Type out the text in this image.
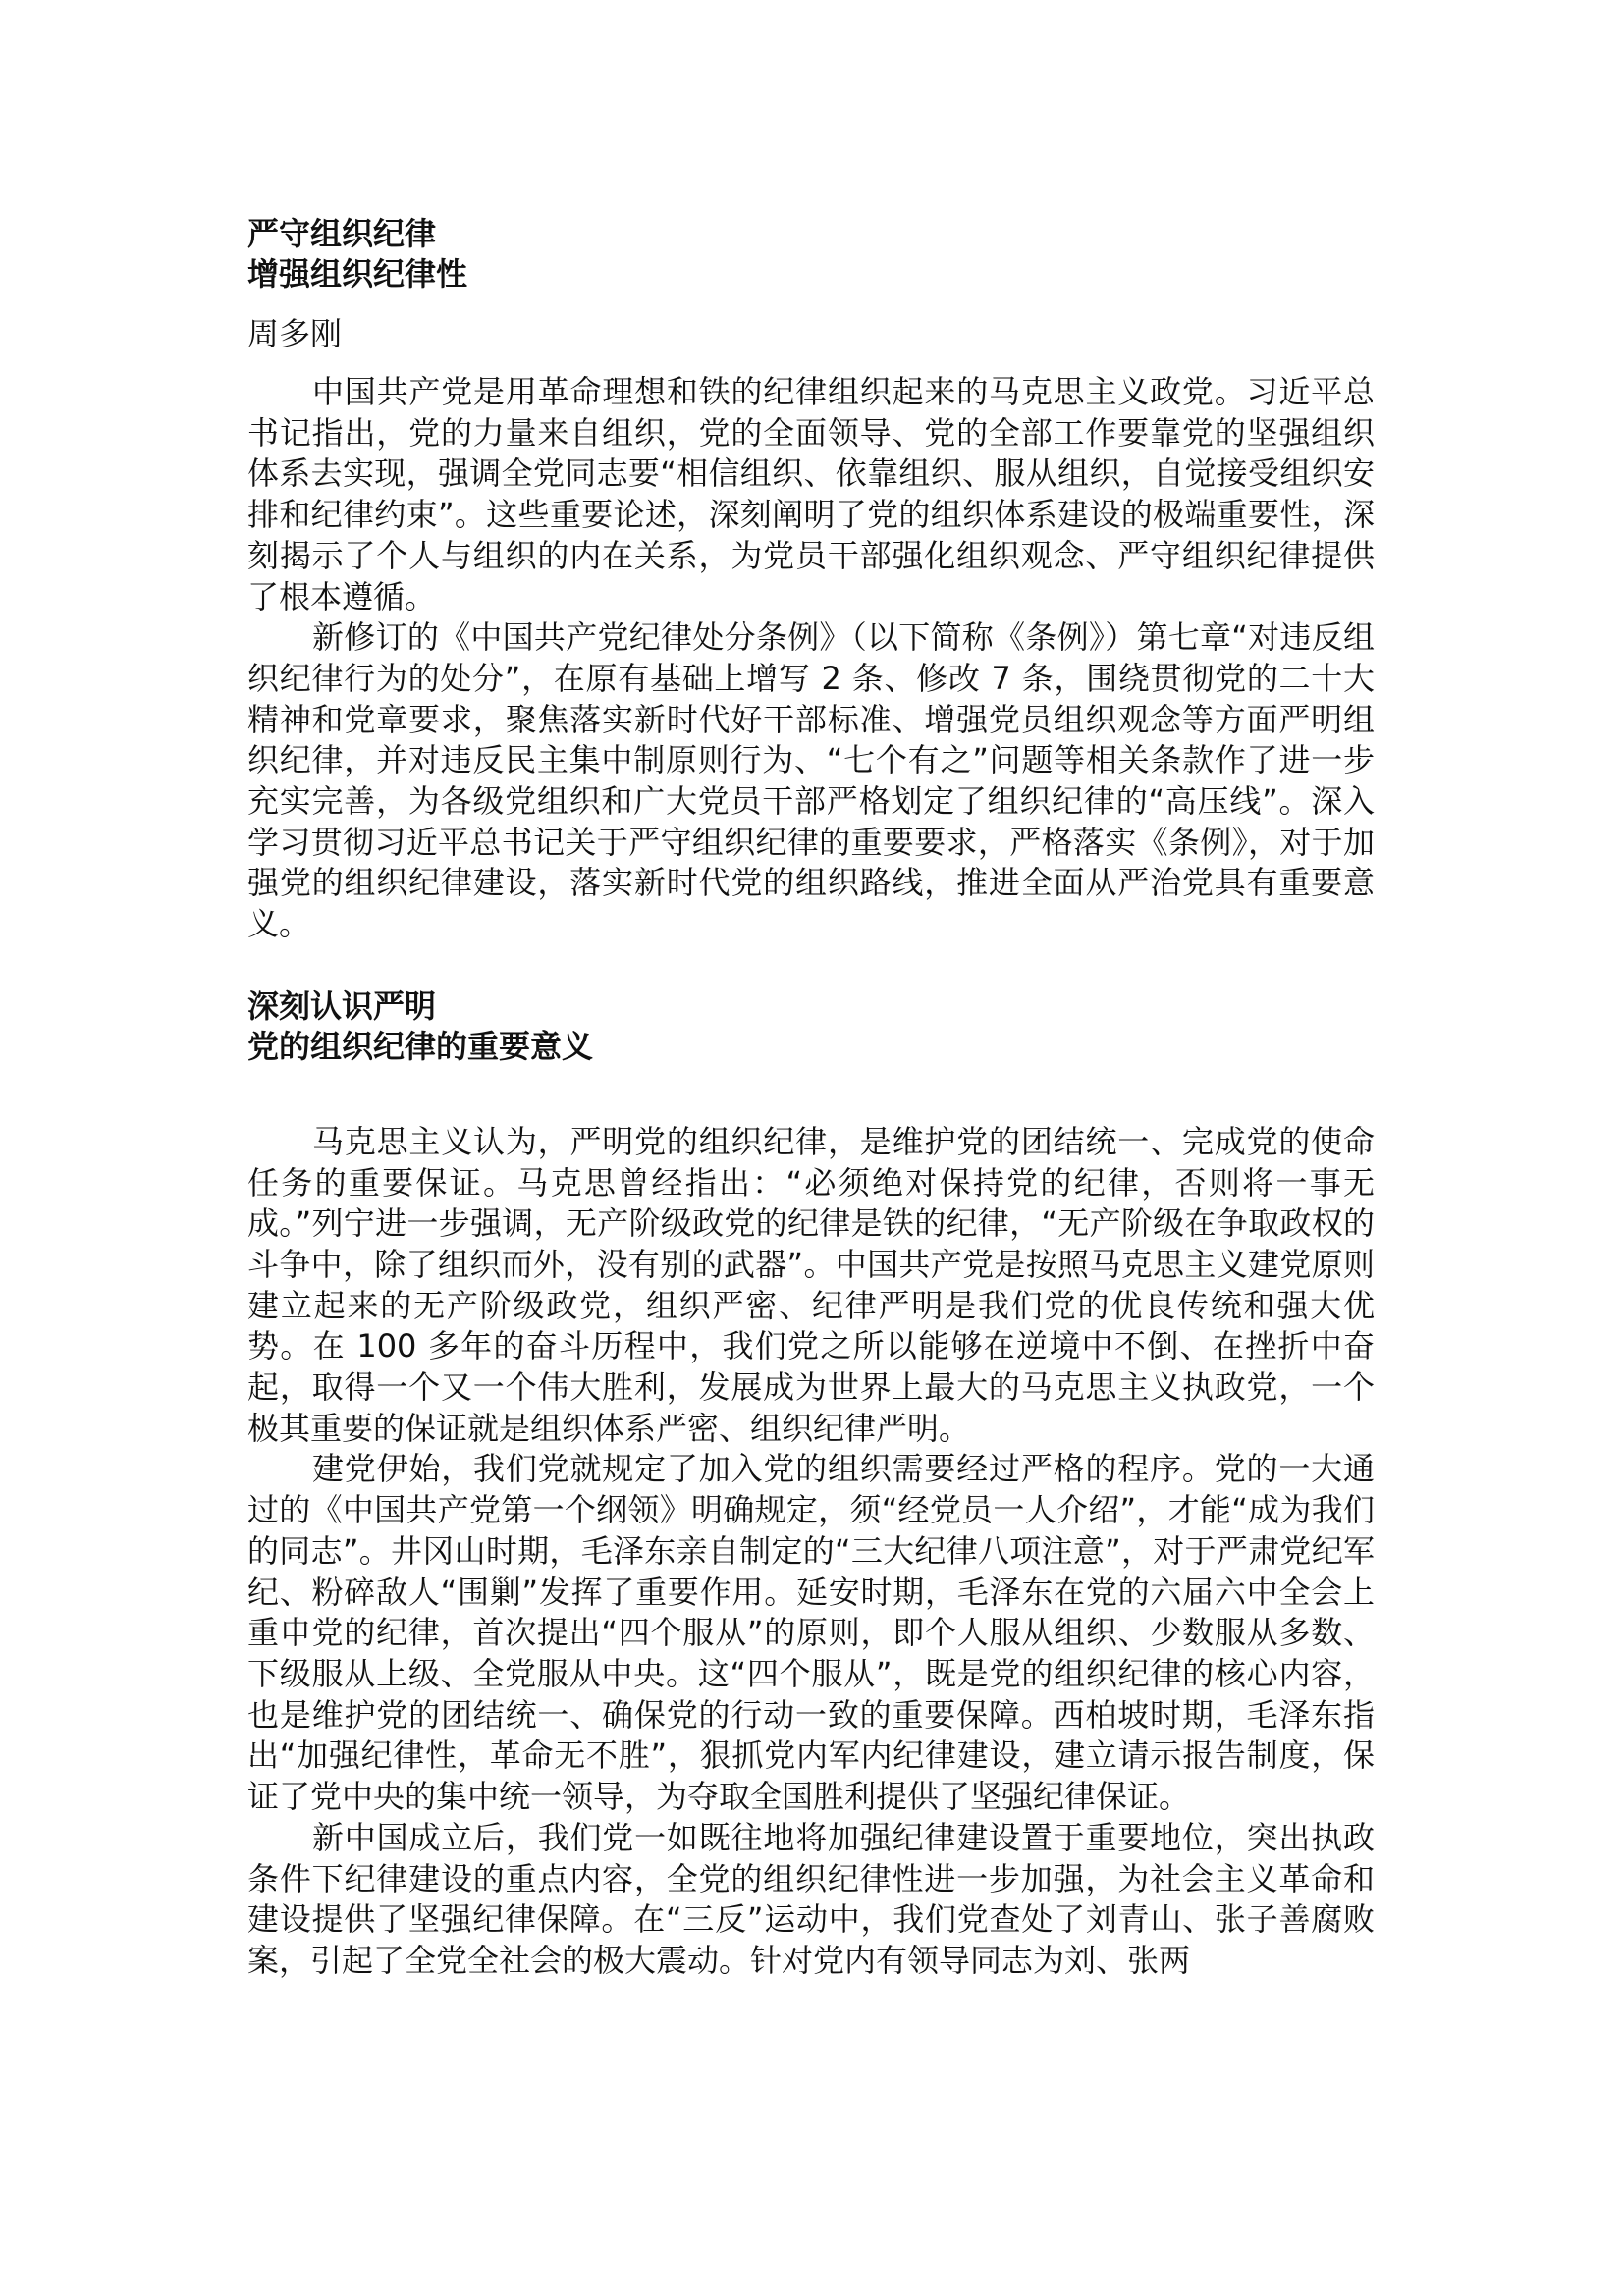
严守组织纪律
增强组织纪律性

周多刚

中国共产党是用革命理想和铁的纪律组织起来的马克思主义政党。习近平总书记指出，党的力量来自组织，党的全面领导、党的全部工作要靠党的坚强组织体系去实现，强调全党同志要“相信组织、依靠组织、服从组织，自觉接受组织安排和纪律约束”。这些重要论述，深刻阐明了党的组织体系建设的极端重要性，深刻揭示了个人与组织的内在关系，为党员干部强化组织观念、严守组织纪律提供了根本遵循。

新修订的《中国共产党纪律处分条例》（以下简称《条例》）第七章“对违反组织纪律行为的处分”，在原有基础上增写 2 条、修改 7 条，围绕贯彻党的二十大精神和党章要求，聚焦落实新时代好干部标准、增强党员组织观念等方面严明组织纪律，并对违反民主集中制原则行为、“七个有之”问题等相关条款作了进一步充实完善，为各级党组织和广大党员干部严格划定了组织纪律的“高压线”。深入学习贯彻习近平总书记关于严守组织纪律的重要要求，严格落实《条例》，对于加强党的组织纪律建设，落实新时代党的组织路线，推进全面从严治党具有重要意义。

深刻认识严明
党的组织纪律的重要意义

马克思主义认为，严明党的组织纪律，是维护党的团结统一、完成党的使命任务的重要保证。马克思曾经指出：“必须绝对保持党的纪律，否则将一事无成。”列宁进一步强调，无产阶级政党的纪律是铁的纪律，“无产阶级在争取政权的斗争中，除了组织而外，没有别的武器”。中国共产党是按照马克思主义建党原则建立起来的无产阶级政党，组织严密、纪律严明是我们党的优良传统和强大优势。在 100 多年的奋斗历程中，我们党之所以能够在逆境中不倒、在挫折中奋起，取得一个又一个伟大胜利，发展成为世界上最大的马克思主义执政党，一个极其重要的保证就是组织体系严密、组织纪律严明。

建党伊始，我们党就规定了加入党的组织需要经过严格的程序。党的一大通过的《中国共产党第一个纲领》明确规定，须“经党员一人介绍”，才能“成为我们的同志”。井冈山时期，毛泽东亲自制定的“三大纪律八项注意”，对于严肃党纪军纪、粉碎敌人“围剿”发挥了重要作用。延安时期，毛泽东在党的六届六中全会上重申党的纪律，首次提出“四个服从”的原则，即个人服从组织、少数服从多数、下级服从上级、全党服从中央。这“四个服从”，既是党的组织纪律的核心内容，也是维护党的团结统一、确保党的行动一致的重要保障。西柏坡时期，毛泽东指出“加强纪律性，革命无不胜”，狠抓党内军内纪律建设，建立请示报告制度，保证了党中央的集中统一领导，为夺取全国胜利提供了坚强纪律保证。

新中国成立后，我们党一如既往地将加强纪律建设置于重要地位，突出执政条件下纪律建设的重点内容，全党的组织纪律性进一步加强，为社会主义革命和建设提供了坚强纪律保障。在“三反”运动中，我们党查处了刘青山、张子善腐败案，引起了全党全社会的极大震动。针对党内有领导同志为刘、张两
